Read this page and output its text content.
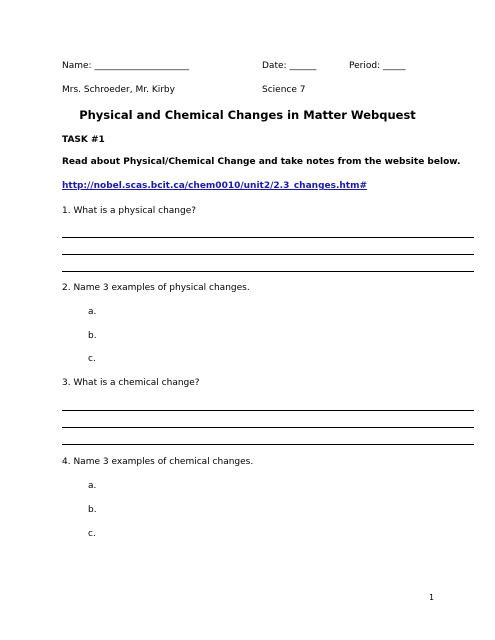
Name: _____________________	Date: ______	Period: _____
Mrs. Schroeder, Mr. Kirby	Science 7
Physical and Chemical Changes in Matter Webquest
TASK #1
Read about Physical/Chemical Change and take notes from the website below.
http://nobel.scas.bcit.ca/chem0010/unit2/2.3_changes.htm#
1. What is a physical change?
2. Name 3 examples of physical changes.
a.
b.
c.
3. What is a chemical change?
4. Name 3 examples of chemical changes.
a.
b.
c.
1
